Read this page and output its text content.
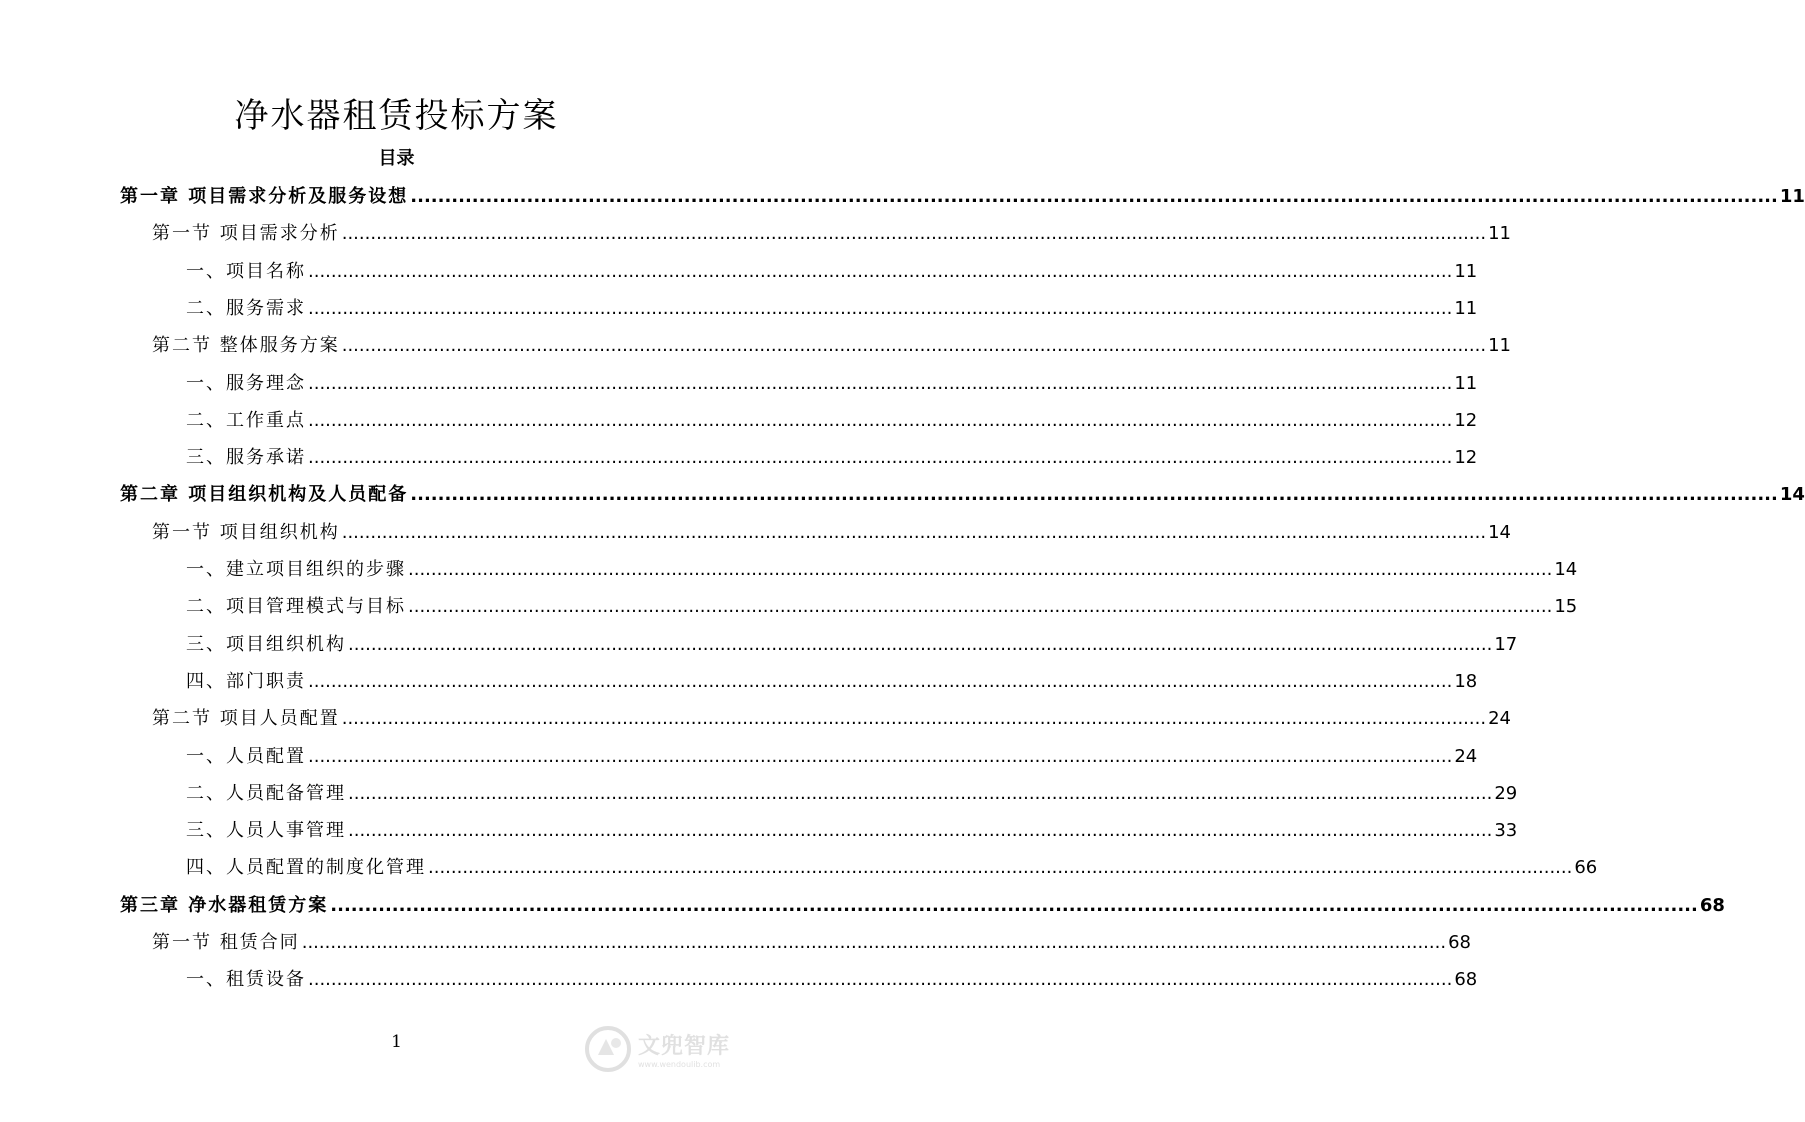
净水器租赁投标方案
目录
第一章 项目需求分析及服务设想 ........................................................................................................................................................................................................ 11
第一节 项目需求分析 ........................................................................................................................................................................................................ 11
一、项目名称 ........................................................................................................................................................................................................ 11
二、服务需求 ........................................................................................................................................................................................................ 11
第二节 整体服务方案 ........................................................................................................................................................................................................ 11
一、服务理念 ........................................................................................................................................................................................................ 11
二、工作重点 ........................................................................................................................................................................................................ 12
三、服务承诺 ........................................................................................................................................................................................................ 12
第二章 项目组织机构及人员配备 ........................................................................................................................................................................................................ 14
第一节 项目组织机构 ........................................................................................................................................................................................................ 14
一、建立项目组织的步骤 ........................................................................................................................................................................................................ 14
二、项目管理模式与目标 ........................................................................................................................................................................................................ 15
三、项目组织机构 ........................................................................................................................................................................................................ 17
四、部门职责 ........................................................................................................................................................................................................ 18
第二节 项目人员配置 ........................................................................................................................................................................................................ 24
一、人员配置 ........................................................................................................................................................................................................ 24
二、人员配备管理 ........................................................................................................................................................................................................ 29
三、人员人事管理 ........................................................................................................................................................................................................ 33
四、人员配置的制度化管理 ........................................................................................................................................................................................................ 66
第三章 净水器租赁方案 ........................................................................................................................................................................................................ 68
第一节 租赁合同 ........................................................................................................................................................................................................ 68
一、租赁设备 ........................................................................................................................................................................................................ 68
1	文兜智库
www.wendoulib.com
